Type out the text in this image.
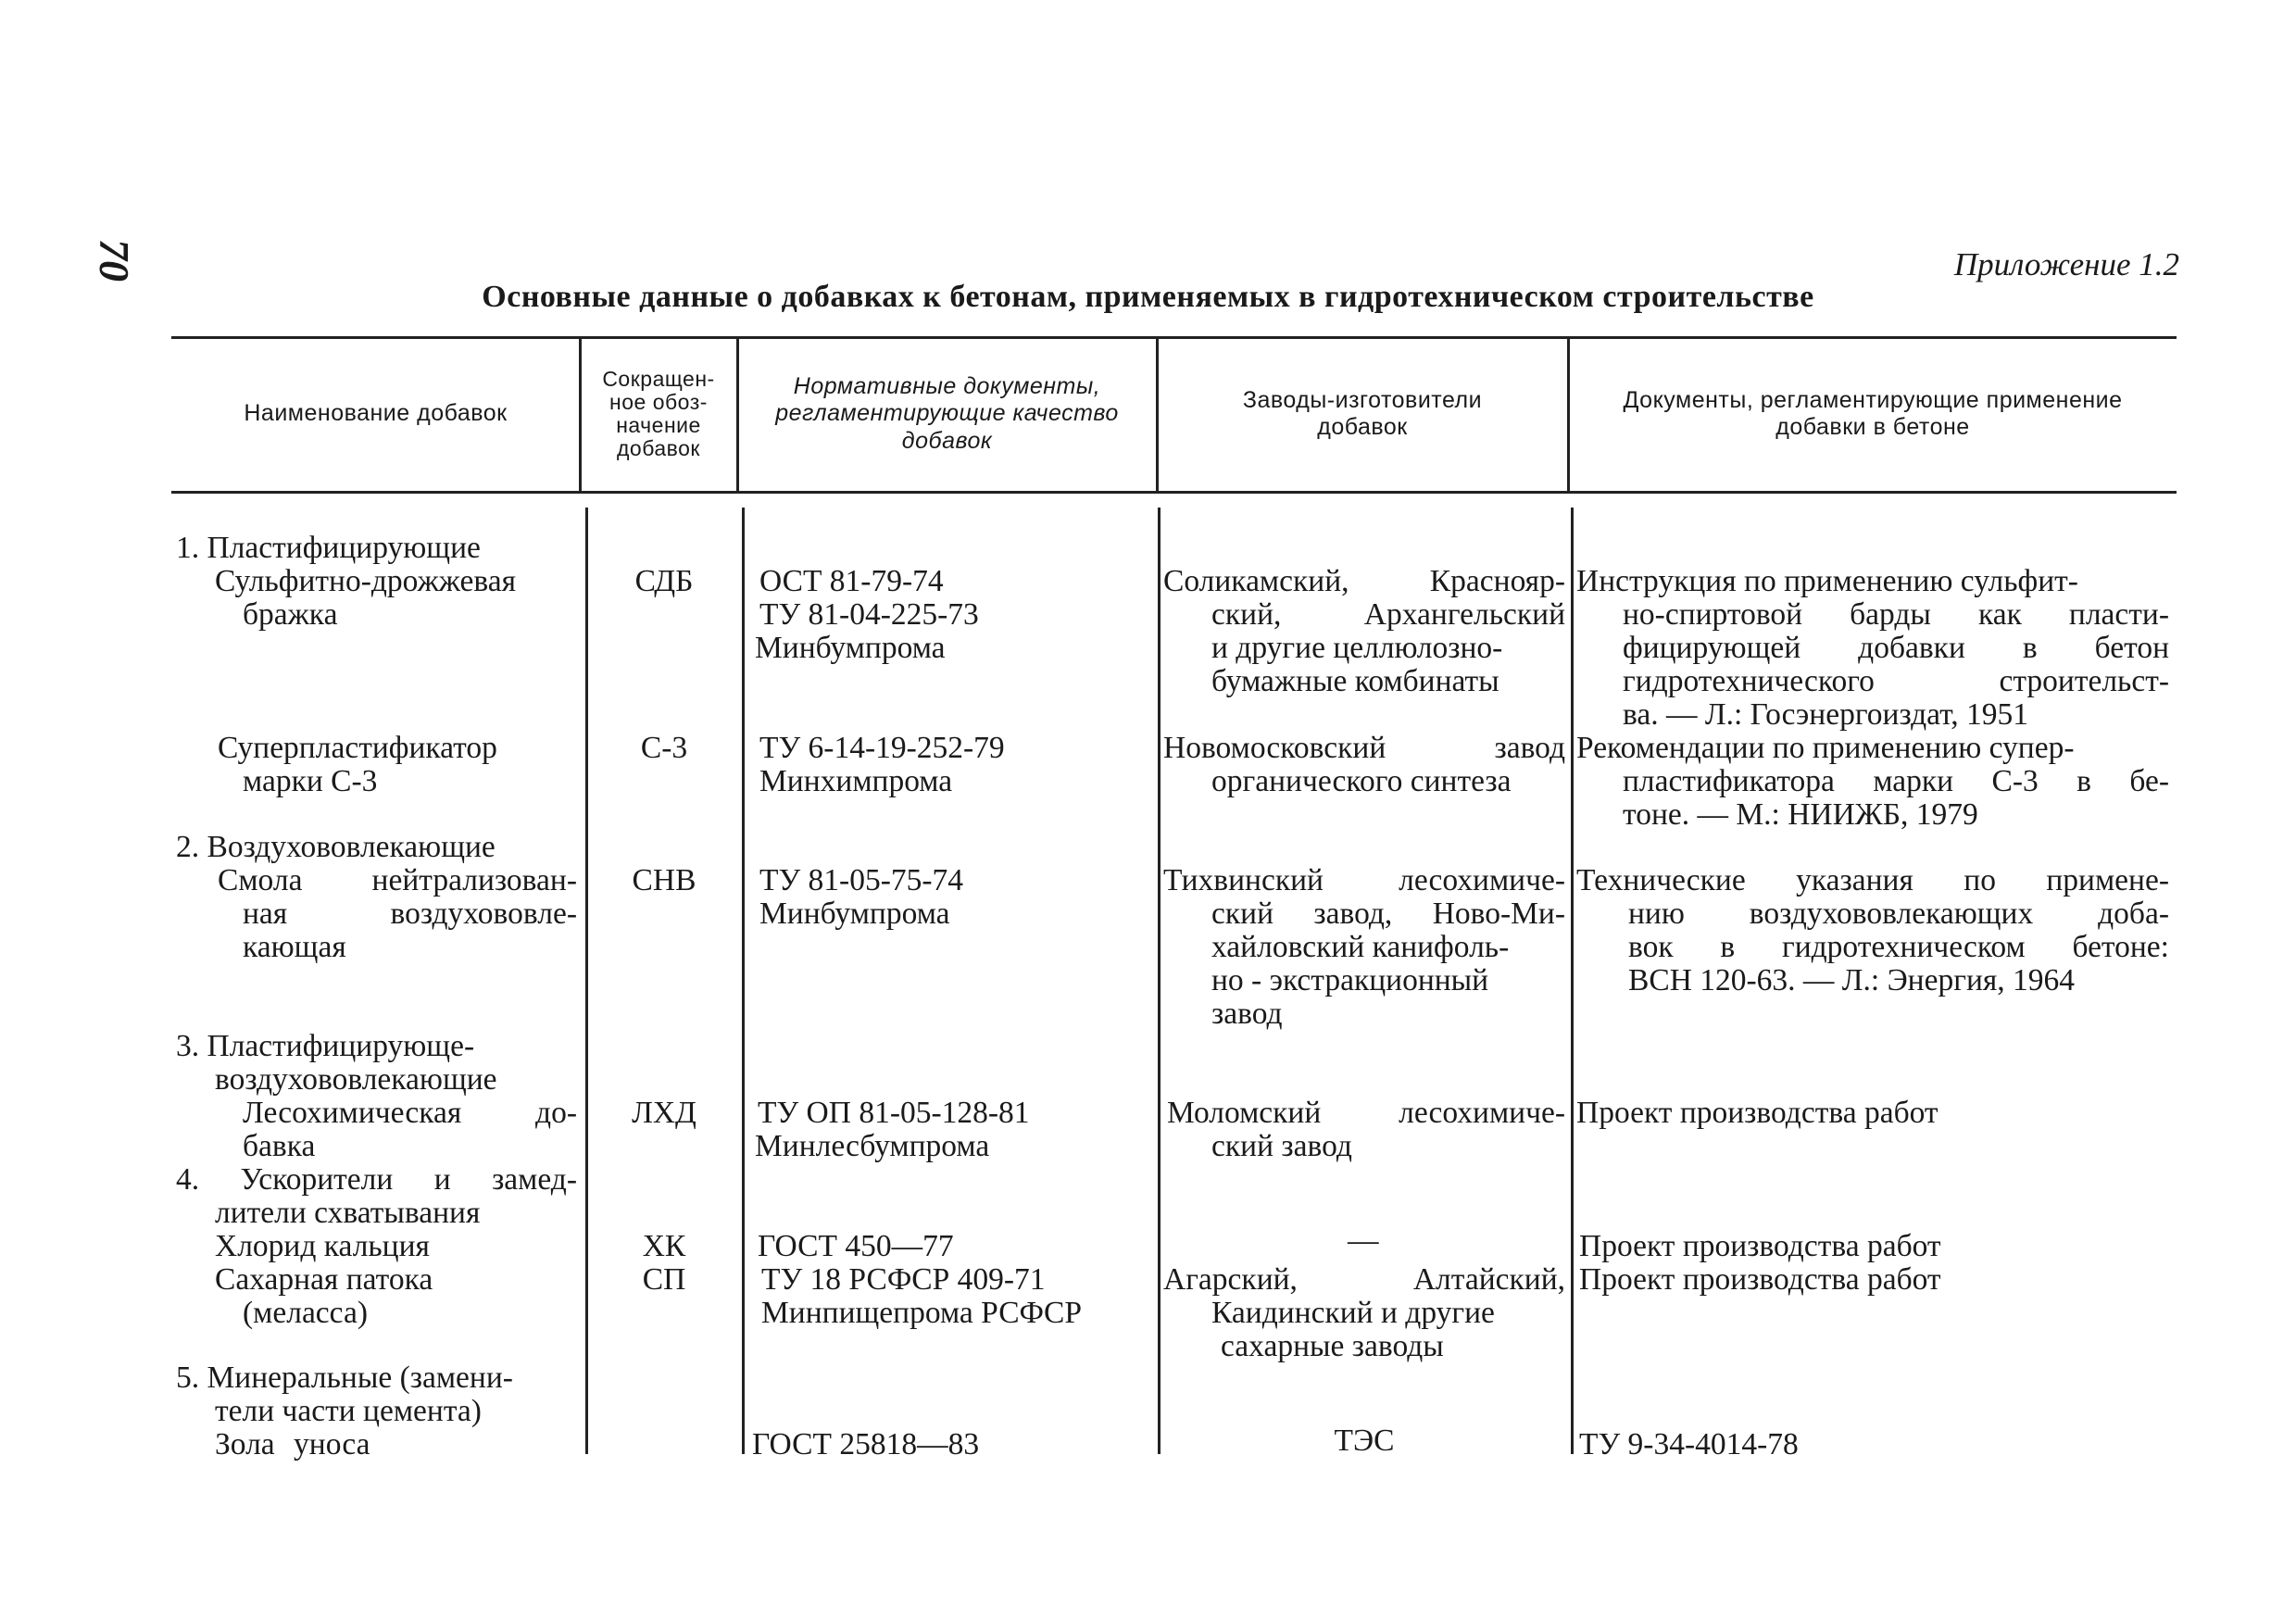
70	Приложение 1.2
Основные данные о добавках к бетонам, применяемых в гидротехническом строительстве
Наименование добавок
Сокращен-
ное обоз-
начение
добавок
Нормативные документы,
регламентирующие качество
добавок
Заводы-изготовители
добавок
Документы, регламентирующие применение
добавки в бетоне
1. Пластифицирующие
Сульфитно-дрожжевая
бражка
Суперпластификатор
марки С-3
2. Воздухововлекающие
Смола нейтрализован-
ная воздухововле-
кающая
3. Пластифицирующе-
воздухововлекающие
Лесохимическая до-
бавка
4. Ускорители и замед-
лители схватывания
Хлорид кальция
Сахарная патока
(меласса)
5. Минеральные (замени-
тели части цемента)
Зола уноса
СДБ
С-3
СНВ
ЛХД
ХК
СП
ОСТ 81-79-74
ТУ 81-04-225-73
Минбумпрома
ТУ 6-14-19-252-79
Минхимпрома
ТУ 81-05-75-74
Минбумпрома
ТУ ОП 81-05-128-81
Минлесбумпрома
ГОСТ 450—77
ТУ 18 РСФСР 409-71
Минпищепрома РСФСР
ГОСТ 25818—83
Соликамский, Краснояр-
ский, Архангельский
и другие целлюлозно-
бумажные комбинаты
Новомосковский завод
органического синтеза
Тихвинский лесохимиче-
ский завод, Ново-Ми-
хайловский канифоль-
но - экстракционный
завод
Моломский лесохимиче-
ский завод
—
Агарский, Алтайский,
Каидинский и другие
сахарные заводы
ТЭС
Инструкция по применению сульфит-
но-спиртовой барды как пласти-
фицирующей добавки в бетон
гидротехнического строительст-
ва. — Л.: Госэнергоиздат, 1951
Рекомендации по применению супер-
пластификатора марки С-3 в бе-
тоне. — М.: НИИЖБ, 1979
Технические указания по примене-
нию воздухововлекающих доба-
вок в гидротехническом бетоне:
ВСН 120-63. — Л.: Энергия, 1964
Проект производства работ
Проект производства работ
Проект производства работ
ТУ 9-34-4014-78
